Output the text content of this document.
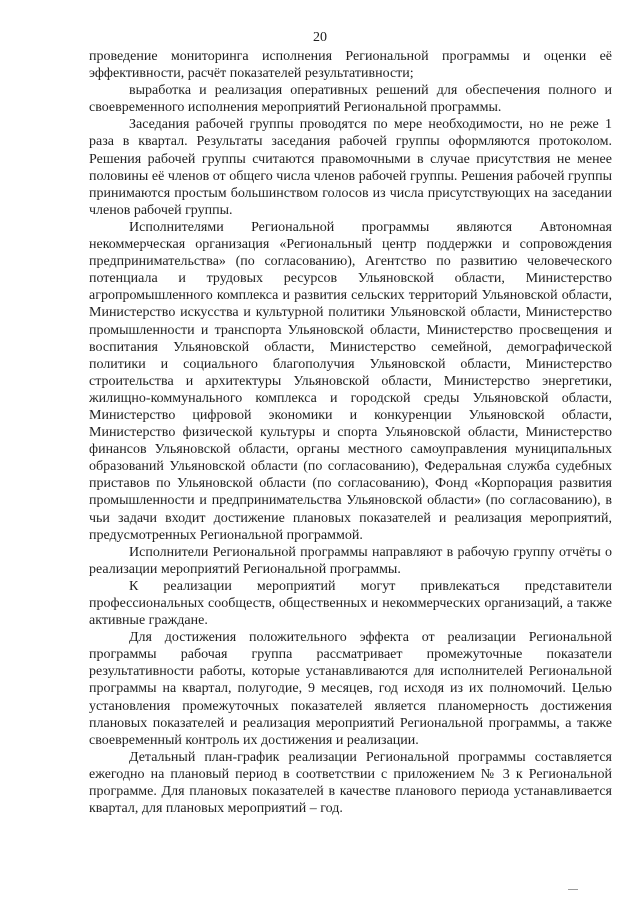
20

проведение мониторинга исполнения Региональной программы и оценки её эффективности, расчёт показателей результативности;

выработка и реализация оперативных решений для обеспечения полного и своевременного исполнения мероприятий Региональной программы.

Заседания рабочей группы проводятся по мере необходимости, но не реже 1 раза в квартал. Результаты заседания рабочей группы оформляются протоколом. Решения рабочей группы считаются правомочными в случае присутствия не менее половины её членов от общего числа членов рабочей группы. Решения рабочей группы принимаются простым большинством голосов из числа присутствующих на заседании членов рабочей группы.

Исполнителями Региональной программы являются Автономная некоммерческая организация «Региональный центр поддержки и сопровождения предпринимательства» (по согласованию), Агентство по развитию человеческого потенциала и трудовых ресурсов Ульяновской области, Министерство агропромышленного комплекса и развития сельских территорий Ульяновской области, Министерство искусства и культурной политики Ульяновской области, Министерство промышленности и транспорта Ульяновской области, Министерство просвещения и воспитания Ульяновской области, Министерство семейной, демографической политики и социального благополучия Ульяновской области, Министерство строительства и архитектуры Ульяновской области, Министерство энергетики, жилищно-коммунального комплекса и городской среды Ульяновской области, Министерство цифровой экономики и конкуренции Ульяновской области, Министерство физической культуры и спорта Ульяновской области, Министерство финансов Ульяновской области, органы местного самоуправления муниципальных образований Ульяновской области (по согласованию), Федеральная служба судебных приставов по Ульяновской области (по согласованию), Фонд «Корпорация развития промышленности и предпринимательства Ульяновской области» (по согласованию), в чьи задачи входит достижение плановых показателей и реализация мероприятий, предусмотренных Региональной программой.

Исполнители Региональной программы направляют в рабочую группу отчёты о реализации мероприятий Региональной программы.

К реализации мероприятий могут привлекаться представители профессиональных сообществ, общественных и некоммерческих организаций, а также активные граждане.

Для достижения положительного эффекта от реализации Региональной программы рабочая группа рассматривает промежуточные показатели результативности работы, которые устанавливаются для исполнителей Региональной программы на квартал, полугодие, 9 месяцев, год исходя из их полномочий. Целью установления промежуточных показателей является планомерность достижения плановых показателей и реализация мероприятий Региональной программы, а также своевременный контроль их достижения и реализации.

Детальный план-график реализации Региональной программы составляется ежегодно на плановый период в соответствии с приложением № 3 к Региональной программе. Для плановых показателей в качестве планового периода устанавливается квартал, для плановых мероприятий – год.
